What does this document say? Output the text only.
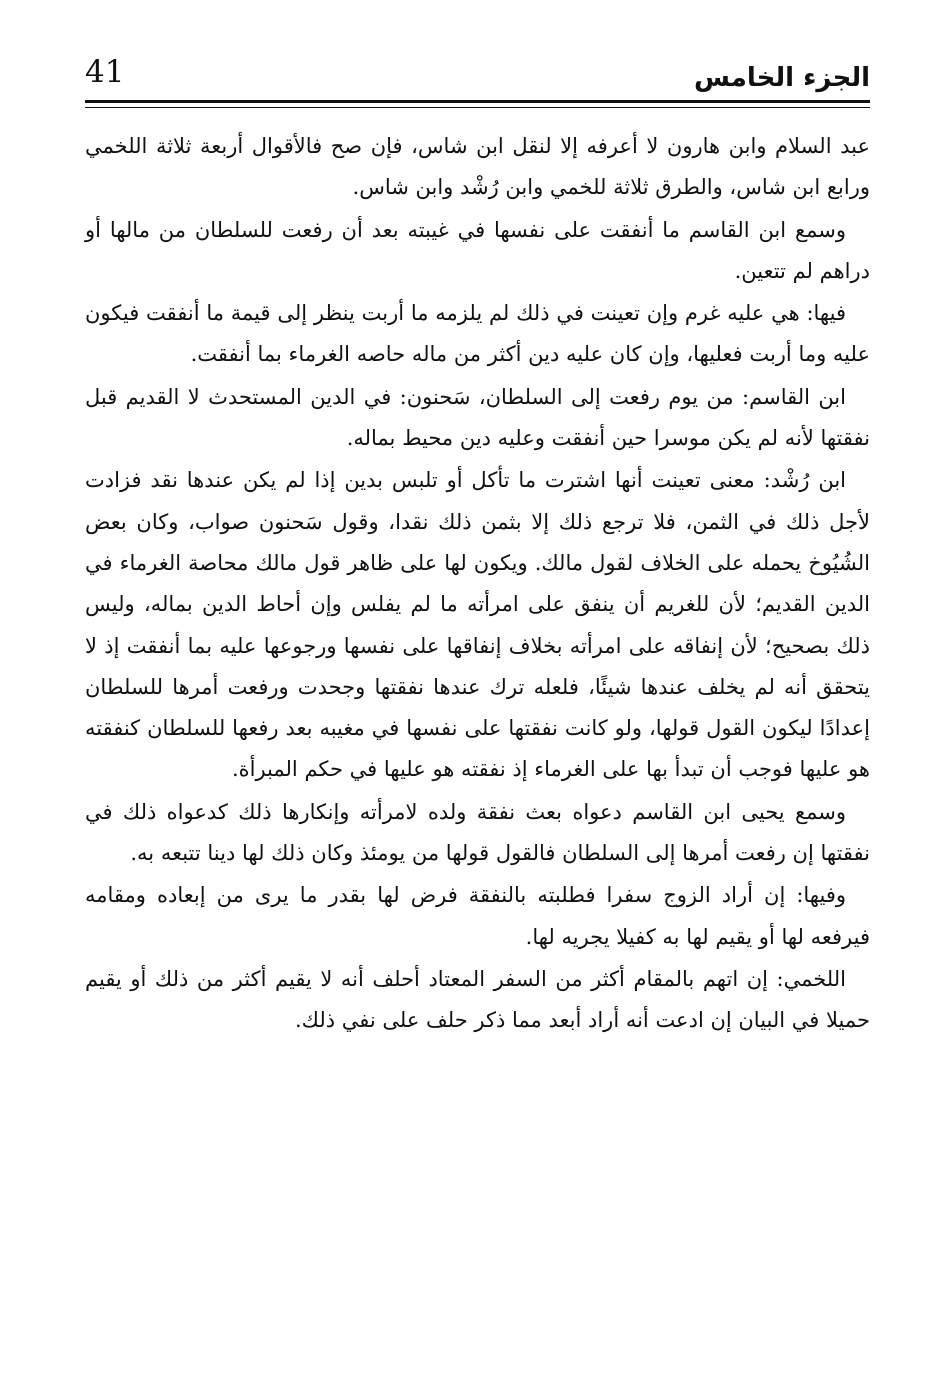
41	الجزء الخامس

عبد السلام وابن هارون لا أعرفه إلا لنقل ابن شاس، فإن صح فالأقوال أربعة ثلاثة اللخمي ورابع ابن شاس، والطرق ثلاثة للخمي وابن رُشْد وابن شاس.

وسمع ابن القاسم ما أنفقت على نفسها في غيبته بعد أن رفعت للسلطان من مالها أو دراهم لم تتعين.

فيها: هي عليه غرم وإن تعينت في ذلك لم يلزمه ما أربت ينظر إلى قيمة ما أنفقت فيكون عليه وما أربت فعليها، وإن كان عليه دين أكثر من ماله حاصه الغرماء بما أنفقت.

ابن القاسم: من يوم رفعت إلى السلطان، سَحنون: في الدين المستحدث لا القديم قبل نفقتها لأنه لم يكن موسرا حين أنفقت وعليه دين محيط بماله.

ابن رُشْد: معنى تعينت أنها اشترت ما تأكل أو تلبس بدين إذا لم يكن عندها نقد فزادت لأجل ذلك في الثمن، فلا ترجع ذلك إلا بثمن ذلك نقدا، وقول سَحنون صواب، وكان بعض الشُيُوخ يحمله على الخلاف لقول مالك. ويكون لها على ظاهر قول مالك محاصة الغرماء في الدين القديم؛ لأن للغريم أن ينفق على امرأته ما لم يفلس وإن أحاط الدين بماله، وليس ذلك بصحيح؛ لأن إنفاقه على امرأته بخلاف إنفاقها على نفسها ورجوعها عليه بما أنفقت إذ لا يتحقق أنه لم يخلف عندها شيئًا، فلعله ترك عندها نفقتها وجحدت ورفعت أمرها للسلطان إعدادًا ليكون القول قولها، ولو كانت نفقتها على نفسها في مغيبه بعد رفعها للسلطان كنفقته هو عليها فوجب أن تبدأ بها على الغرماء إذ نفقته هو عليها في حكم المبرأة.

وسمع يحيى ابن القاسم دعواه بعث نفقة ولده لامرأته وإنكارها ذلك كدعواه ذلك في نفقتها إن رفعت أمرها إلى السلطان فالقول قولها من يومئذ وكان ذلك لها دينا تتبعه به.

وفيها: إن أراد الزوج سفرا فطلبته بالنفقة فرض لها بقدر ما يرى من إبعاده ومقامه فيرفعه لها أو يقيم لها به كفيلا يجريه لها.

اللخمي: إن اتهم بالمقام أكثر من السفر المعتاد أحلف أنه لا يقيم أكثر من ذلك أو يقيم حميلا في البيان إن ادعت أنه أراد أبعد مما ذكر حلف على نفي ذلك.
